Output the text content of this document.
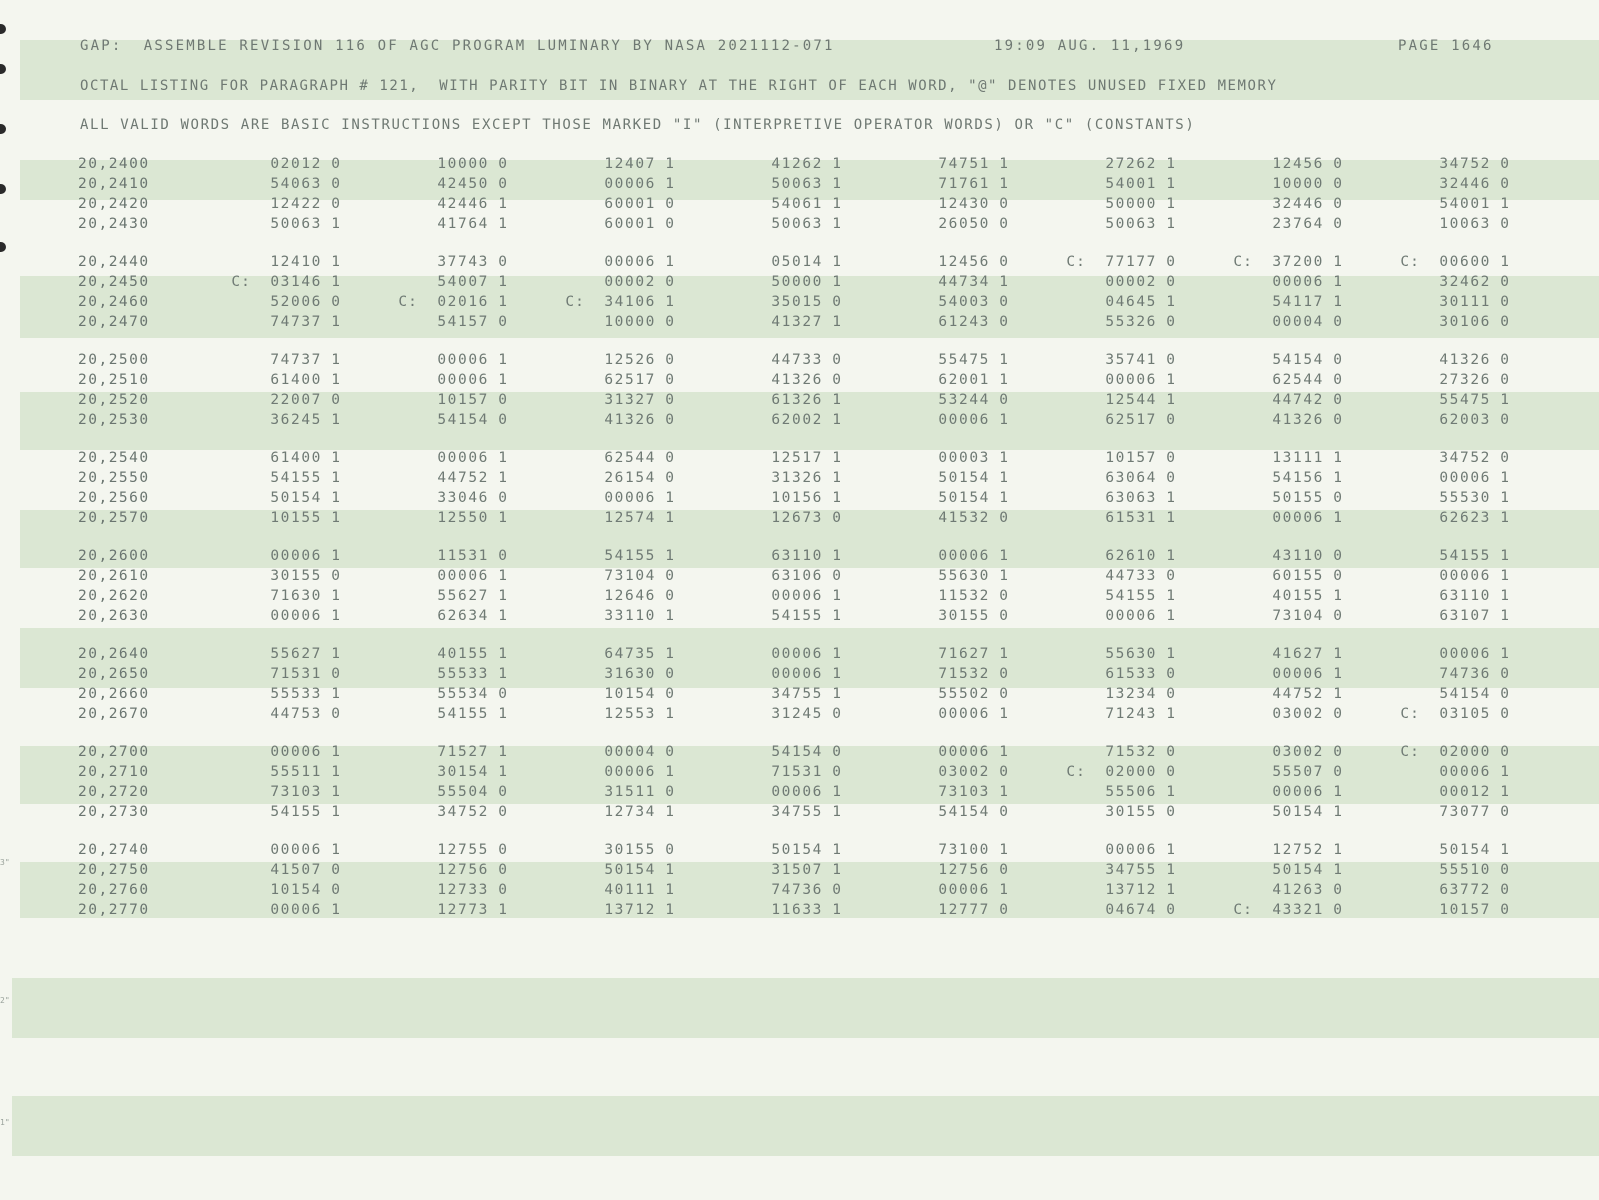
3"
2"
1"
GAP:  ASSEMBLE REVISION 116 OF AGC PROGRAM LUMINARY BY NASA 2021112-071	19:09 AUG. 11,1969	PAGE 1646
OCTAL LISTING FOR PARAGRAPH # 121,  WITH PARITY BIT IN BINARY AT THE RIGHT OF EACH WORD, "@" DENOTES UNUSED FIXED MEMORY
ALL VALID WORDS ARE BASIC INSTRUCTIONS EXCEPT THOSE MARKED "I" (INTERPRETIVE OPERATOR WORDS) OR "C" (CONSTANTS)
20,2400	02012 0	10000 0	12407 1	41262 1	74751 1	27262 1	12456 0	34752 0
20,2410	54063 0	42450 0	00006 1	50063 1	71761 1	54001 1	10000 0	32446 0
20,2420	12422 0	42446 1	60001 0	54061 1	12430 0	50000 1	32446 0	54001 1
20,2430	50063 1	41764 1	60001 0	50063 1	26050 0	50063 1	23764 0	10063 0
20,2440	12410 1	37743 0	00006 1	05014 1	12456 0	C:  77177 0	C:  37200 1	C:  00600 1
20,2450	C:  03146 1	54007 1	00002 0	50000 1	44734 1	00002 0	00006 1	32462 0
20,2460	52006 0	C:  02016 1	C:  34106 1	35015 0	54003 0	04645 1	54117 1	30111 0
20,2470	74737 1	54157 0	10000 0	41327 1	61243 0	55326 0	00004 0	30106 0
20,2500	74737 1	00006 1	12526 0	44733 0	55475 1	35741 0	54154 0	41326 0
20,2510	61400 1	00006 1	62517 0	41326 0	62001 1	00006 1	62544 0	27326 0
20,2520	22007 0	10157 0	31327 0	61326 1	53244 0	12544 1	44742 0	55475 1
20,2530	36245 1	54154 0	41326 0	62002 1	00006 1	62517 0	41326 0	62003 0
20,2540	61400 1	00006 1	62544 0	12517 1	00003 1	10157 0	13111 1	34752 0
20,2550	54155 1	44752 1	26154 0	31326 1	50154 1	63064 0	54156 1	00006 1
20,2560	50154 1	33046 0	00006 1	10156 1	50154 1	63063 1	50155 0	55530 1
20,2570	10155 1	12550 1	12574 1	12673 0	41532 0	61531 1	00006 1	62623 1
20,2600	00006 1	11531 0	54155 1	63110 1	00006 1	62610 1	43110 0	54155 1
20,2610	30155 0	00006 1	73104 0	63106 0	55630 1	44733 0	60155 0	00006 1
20,2620	71630 1	55627 1	12646 0	00006 1	11532 0	54155 1	40155 1	63110 1
20,2630	00006 1	62634 1	33110 1	54155 1	30155 0	00006 1	73104 0	63107 1
20,2640	55627 1	40155 1	64735 1	00006 1	71627 1	55630 1	41627 1	00006 1
20,2650	71531 0	55533 1	31630 0	00006 1	71532 0	61533 0	00006 1	74736 0
20,2660	55533 1	55534 0	10154 0	34755 1	55502 0	13234 0	44752 1	54154 0
20,2670	44753 0	54155 1	12553 1	31245 0	00006 1	71243 1	03002 0	C:  03105 0
20,2700	00006 1	71527 1	00004 0	54154 0	00006 1	71532 0	03002 0	C:  02000 0
20,2710	55511 1	30154 1	00006 1	71531 0	03002 0	C:  02000 0	55507 0	00006 1
20,2720	73103 1	55504 0	31511 0	00006 1	73103 1	55506 1	00006 1	00012 1
20,2730	54155 1	34752 0	12734 1	34755 1	54154 0	30155 0	50154 1	73077 0
20,2740	00006 1	12755 0	30155 0	50154 1	73100 1	00006 1	12752 1	50154 1
20,2750	41507 0	12756 0	50154 1	31507 1	12756 0	34755 1	50154 1	55510 0
20,2760	10154 0	12733 0	40111 1	74736 0	00006 1	13712 1	41263 0	63772 0
20,2770	00006 1	12773 1	13712 1	11633 1	12777 0	04674 0	C:  43321 0	10157 0
